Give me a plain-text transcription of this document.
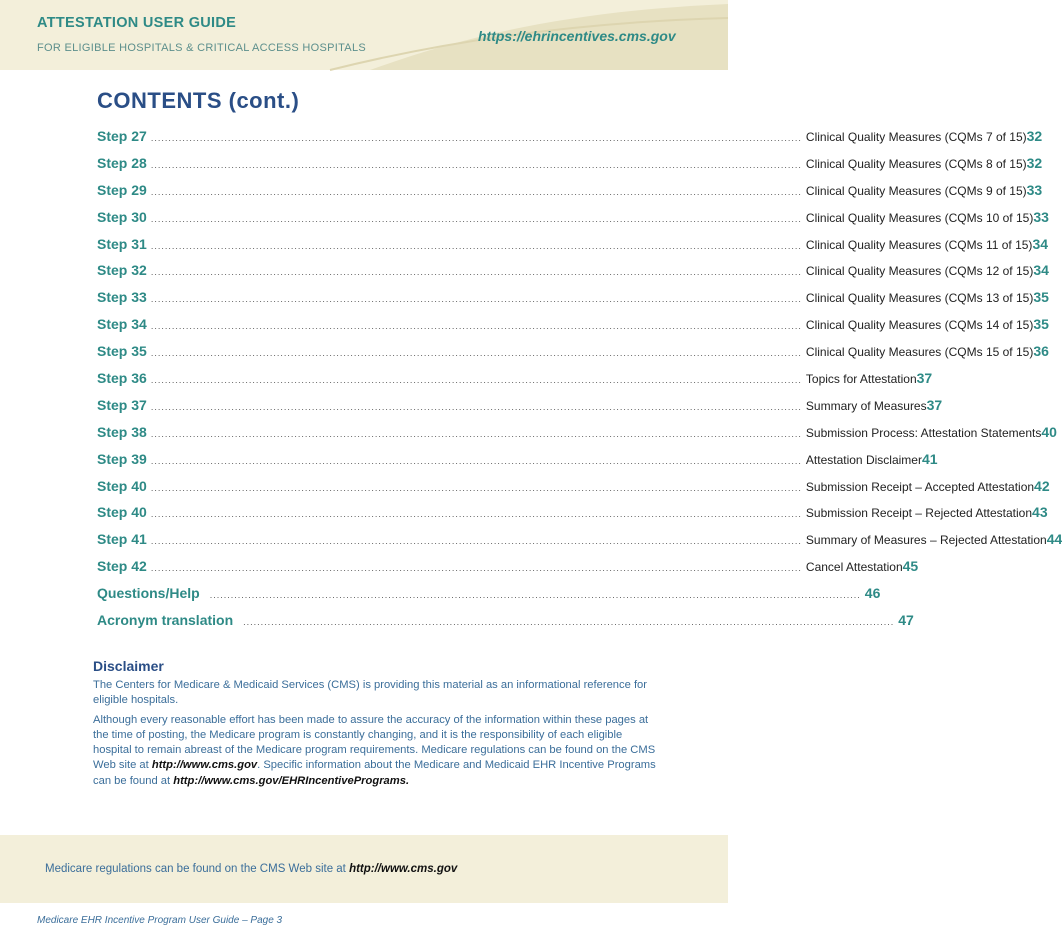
ATTESTATION USER GUIDE
FOR ELIGIBLE HOSPITALS & CRITICAL ACCESS HOSPITALS
https://ehrincentives.cms.gov
CONTENTS (cont.)
Step 27 .......................................................................................................................................................................................... Clinical Quality Measures (CQMs 7 of 15) 32
Step 28 .......................................................................................................................................................................................... Clinical Quality Measures (CQMs 8 of 15) 32
Step 29 .......................................................................................................................................................................................... Clinical Quality Measures (CQMs 9 of 15) 33
Step 30 .......................................................................................................................................................................................... Clinical Quality Measures (CQMs 10 of 15) 33
Step 31 .......................................................................................................................................................................................... Clinical Quality Measures (CQMs 11 of 15) 34
Step 32 .......................................................................................................................................................................................... Clinical Quality Measures (CQMs 12 of 15) 34
Step 33 .......................................................................................................................................................................................... Clinical Quality Measures (CQMs 13 of 15) 35
Step 34 .......................................................................................................................................................................................... Clinical Quality Measures (CQMs 14 of 15) 35
Step 35 .......................................................................................................................................................................................... Clinical Quality Measures (CQMs 15 of 15) 36
Step 36 .......................................................................................................................................................................................... Topics for Attestation 37
Step 37 .......................................................................................................................................................................................... Summary of Measures 37
Step 38 .......................................................................................................................................................................................... Submission Process: Attestation Statements 40
Step 39 .......................................................................................................................................................................................... Attestation Disclaimer 41
Step 40 .......................................................................................................................................................................................... Submission Receipt – Accepted Attestation 42
Step 40 .......................................................................................................................................................................................... Submission Receipt – Rejected Attestation 43
Step 41 .......................................................................................................................................................................................... Summary of Measures – Rejected Attestation 44
Step 42 .......................................................................................................................................................................................... Cancel Attestation 45
Questions/Help .......................................................................................................................................................................................... 46
Acronym translation .......................................................................................................................................................................................... 47
Disclaimer

The Centers for Medicare & Medicaid Services (CMS) is providing this material as an informational reference for eligible hospitals.

Although every reasonable effort has been made to assure the accuracy of the information within these pages at the time of posting, the Medicare program is constantly changing, and it is the responsibility of each eligible hospital to remain abreast of the Medicare program requirements. Medicare regulations can be found on the CMS Web site at http://www.cms.gov. Specific information about the Medicare and Medicaid EHR Incentive Programs can be found at http://www.cms.gov/EHRIncentivePrograms.

Medicare regulations can be found on the CMS Web site at http://www.cms.gov

Medicare EHR Incentive Program User Guide – Page 3
